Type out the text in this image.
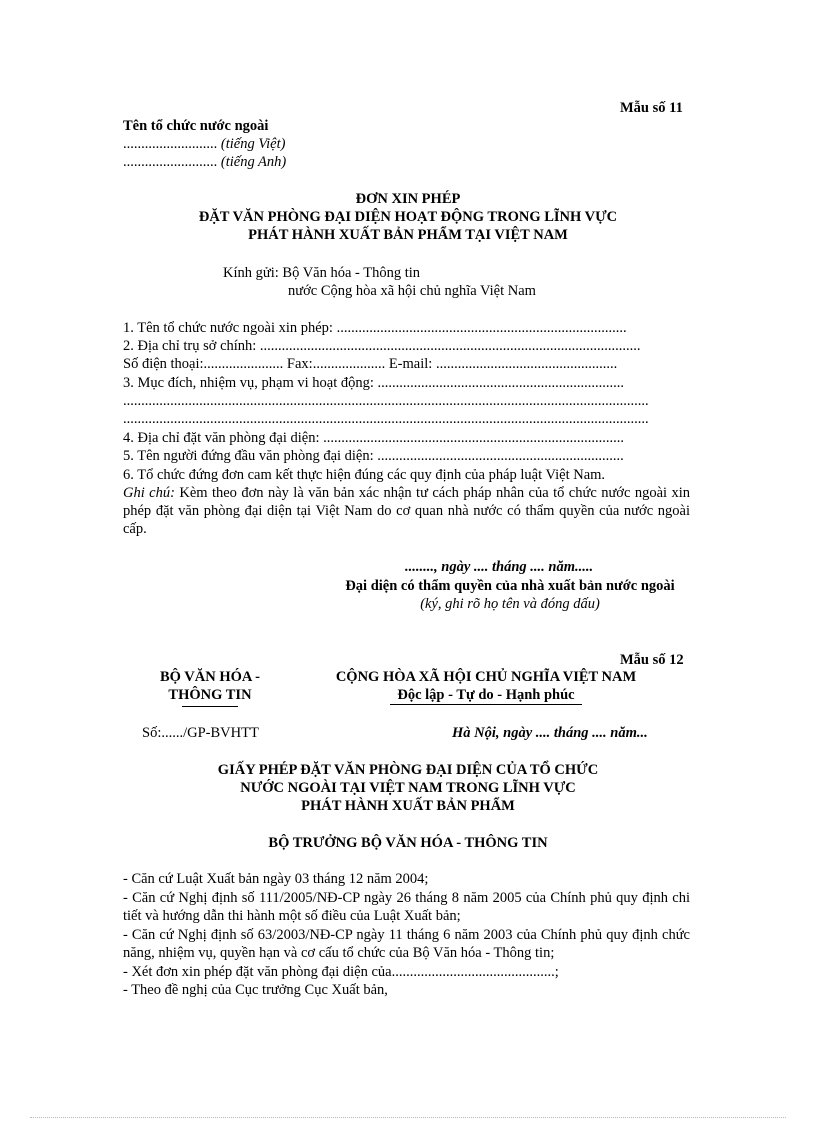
Mẫu số 11
Tên tổ chức nước ngoài
.......................... (tiếng Việt)
.......................... (tiếng Anh)
ĐƠN XIN PHÉP
ĐẶT VĂN PHÒNG ĐẠI DIỆN HOẠT ĐỘNG TRONG LĨNH VỰC
PHÁT HÀNH XUẤT BẢN PHẨM TẠI VIỆT NAM
Kính gửi: Bộ Văn hóa - Thông tin
nước Cộng hòa xã hội chủ nghĩa Việt Nam
1. Tên tổ chức nước ngoài xin phép: ................................................................................
2. Địa chỉ trụ sở chính: .........................................................................................................
Số điện thoại:...................... Fax:.................... E-mail: ..................................................
3. Mục đích, nhiệm vụ, phạm vi hoạt động: ....................................................................
.................................................................................................................................................
.................................................................................................................................................
4. Địa chỉ đặt văn phòng đại diện: ...................................................................................
5. Tên người đứng đầu văn phòng đại diện: ....................................................................
6. Tổ chức đứng đơn cam kết thực hiện đúng các quy định của pháp luật Việt Nam.
Ghi chú: Kèm theo đơn này là văn bản xác nhận tư cách pháp nhân của tổ chức nước ngoài xin phép đặt văn phòng đại diện tại Việt Nam do cơ quan nhà nước có thẩm quyền của nước ngoài cấp.
........, ngày .... tháng .... năm.....
Đại diện có thẩm quyền của nhà xuất bản nước ngoài
(ký, ghi rõ họ tên và đóng dấu)
Mẫu số 12
BỘ VĂN HÓA -
THÔNG TIN
CỘNG HÒA XÃ HỘI CHỦ NGHĨA VIỆT NAM
Độc lập - Tự do - Hạnh phúc
Số:....../GP-BVHTT	Hà Nội, ngày .... tháng .... năm...
GIẤY PHÉP ĐẶT VĂN PHÒNG ĐẠI DIỆN CỦA TỔ CHỨC
NƯỚC NGOÀI TẠI VIỆT NAM TRONG LĨNH VỰC
PHÁT HÀNH XUẤT BẢN PHẨM
BỘ TRƯỞNG BỘ VĂN HÓA - THÔNG TIN
- Căn cứ Luật Xuất bản ngày 03 tháng 12 năm 2004;
- Căn cứ Nghị định số 111/2005/NĐ-CP ngày 26 tháng 8 năm 2005 của Chính phủ quy định chi tiết và hướng dẫn thi hành một số điều của Luật Xuất bản;
- Căn cứ Nghị định số 63/2003/NĐ-CP ngày 11 tháng 6 năm 2003 của Chính phủ quy định chức năng, nhiệm vụ, quyền hạn và cơ cấu tổ chức của Bộ Văn hóa - Thông tin;
- Xét đơn xin phép đặt văn phòng đại diện của.............................................;
- Theo đề nghị của Cục trưởng Cục Xuất bản,
